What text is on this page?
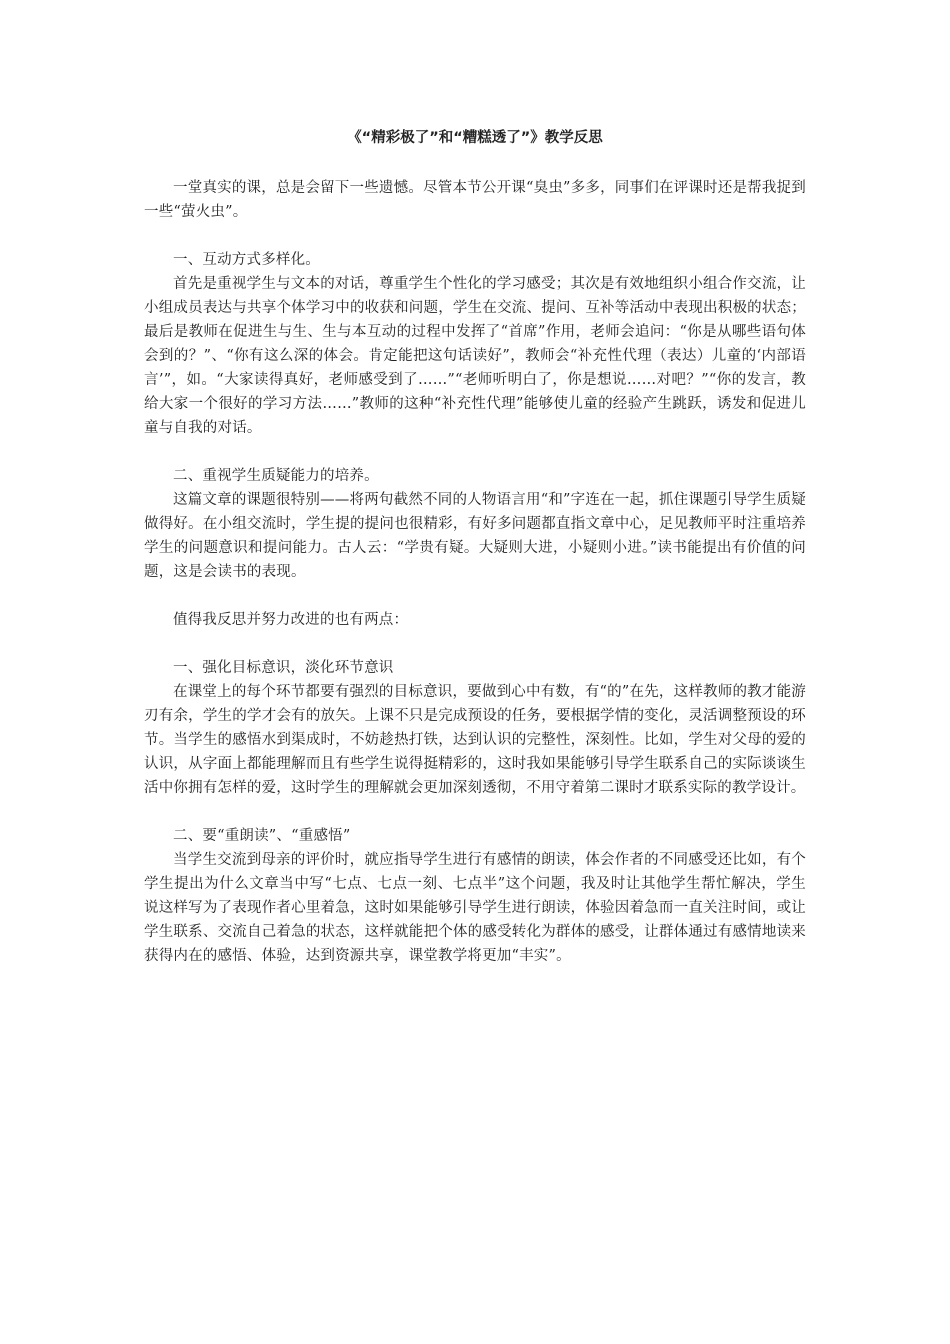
《“精彩极了”和“糟糕透了”》教学反思

一堂真实的课，总是会留下一些遗憾。尽管本节公开课“臭虫”多多，同事们在评课时还是帮我捉到一些“萤火虫”。

一、互动方式多样化。

首先是重视学生与文本的对话，尊重学生个性化的学习感受；其次是有效地组织小组合作交流，让小组成员表达与共享个体学习中的收获和问题，学生在交流、提问、互补等活动中表现出积极的状态；最后是教师在促进生与生、生与本互动的过程中发挥了“首席”作用，老师会追问：“你是从哪些语句体会到的？”、“你有这么深的体会。肯定能把这句话读好”，教师会“补充性代理（表达）儿童的‘内部语言’”，如。“大家读得真好，老师感受到了……”“老师听明白了，你是想说……对吧？”“你的发言，教给大家一个很好的学习方法……”教师的这种“补充性代理”能够使儿童的经验产生跳跃，诱发和促进儿童与自我的对话。

二、重视学生质疑能力的培养。

这篇文章的课题很特别——将两句截然不同的人物语言用“和”字连在一起，抓住课题引导学生质疑做得好。在小组交流时，学生提的提问也很精彩，有好多问题都直指文章中心，足见教师平时注重培养学生的问题意识和提问能力。古人云：“学贵有疑。大疑则大进，小疑则小进。”读书能提出有价值的问题，这是会读书的表现。

值得我反思并努力改进的也有两点：

一、强化目标意识，淡化环节意识

在课堂上的每个环节都要有强烈的目标意识，要做到心中有数，有“的”在先，这样教师的教才能游刃有余，学生的学才会有的放矢。上课不只是完成预设的任务，要根据学情的变化，灵活调整预设的环节。当学生的感悟水到渠成时，不妨趁热打铁，达到认识的完整性，深刻性。比如，学生对父母的爱的认识，从字面上都能理解而且有些学生说得挺精彩的，这时我如果能够引导学生联系自己的实际谈谈生活中你拥有怎样的爱，这时学生的理解就会更加深刻透彻，不用守着第二课时才联系实际的教学设计。

二、要“重朗读”、“重感悟”

当学生交流到母亲的评价时，就应指导学生进行有感情的朗读，体会作者的不同感受还比如，有个学生提出为什么文章当中写“七点、七点一刻、七点半”这个问题，我及时让其他学生帮忙解决，学生说这样写为了表现作者心里着急，这时如果能够引导学生进行朗读，体验因着急而一直关注时间，或让学生联系、交流自己着急的状态，这样就能把个体的感受转化为群体的感受，让群体通过有感情地读来获得内在的感悟、体验，达到资源共享，课堂教学将更加“丰实”。
